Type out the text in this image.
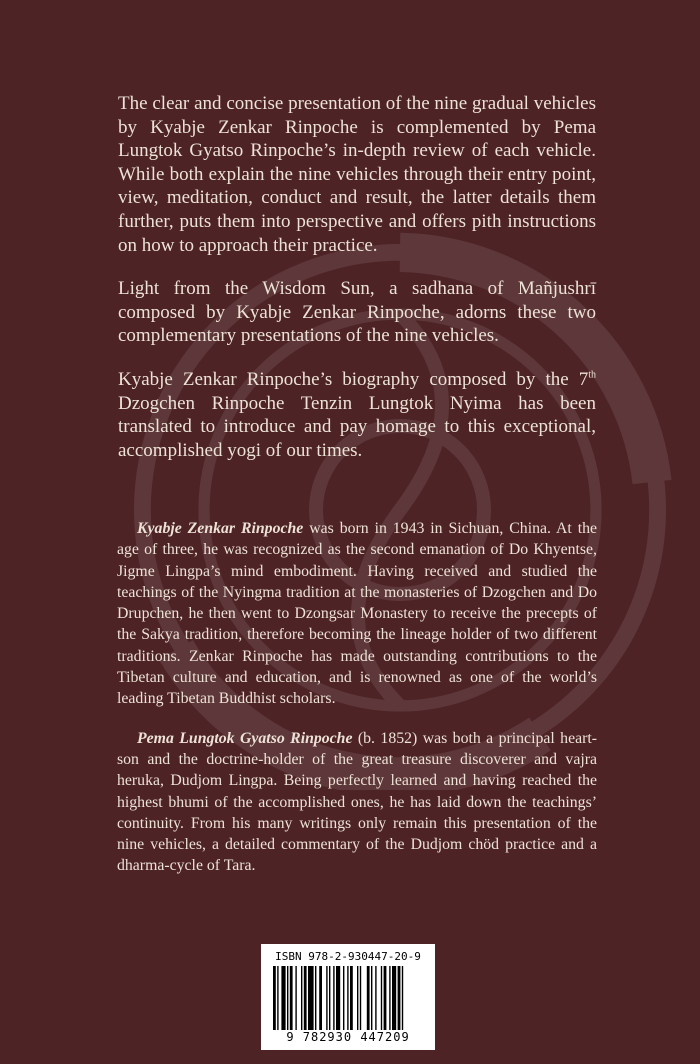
The clear and concise presentation of the nine gradual vehicles by Kyabje Zenkar Rinpoche is complemented by Pema Lungtok Gyatso Rinpoche’s in-depth review of each vehicle. While both explain the nine vehicles through their entry point, view, meditation, conduct and result, the latter details them further, puts them into perspective and offers pith instructions on how to approach their practice.

Light from the Wisdom Sun, a sadhana of Mañjushrī composed by Kyabje Zenkar Rinpoche, adorns these two complementary presentations of the nine vehicles.

Kyabje Zenkar Rinpoche’s biography composed by the 7th Dzogchen Rinpoche Tenzin Lungtok Nyima has been translated to introduce and pay homage to this exceptional, accomplished yogi of our times.

Kyabje Zenkar Rinpoche was born in 1943 in Sichuan, China. At the age of three, he was recognized as the second emanation of Do Khyentse, Jigme Lingpa’s mind embodiment. Having received and studied the teachings of the Nyingma tradition at the monasteries of Dzogchen and Do Drupchen, he then went to Dzongsar Monastery to receive the precepts of the Sakya tradition, therefore becoming the lineage holder of two different traditions. Zenkar Rinpoche has made outstanding contributions to the Tibetan culture and education, and is renowned as one of the world’s leading Tibetan Buddhist scholars.

Pema Lungtok Gyatso Rinpoche (b. 1852) was both a principal heart-son and the doctrine-holder of the great treasure discoverer and vajra heruka, Dudjom Lingpa. Being perfectly learned and having reached the highest bhumi of the accomplished ones, he has laid down the teachings’ continuity. From his many writings only remain this presentation of the nine vehicles, a detailed commentary of the Dudjom chöd practice and a dharma-cycle of Tara.

ISBN 978-2-930447-20-9
9 782930 447209
